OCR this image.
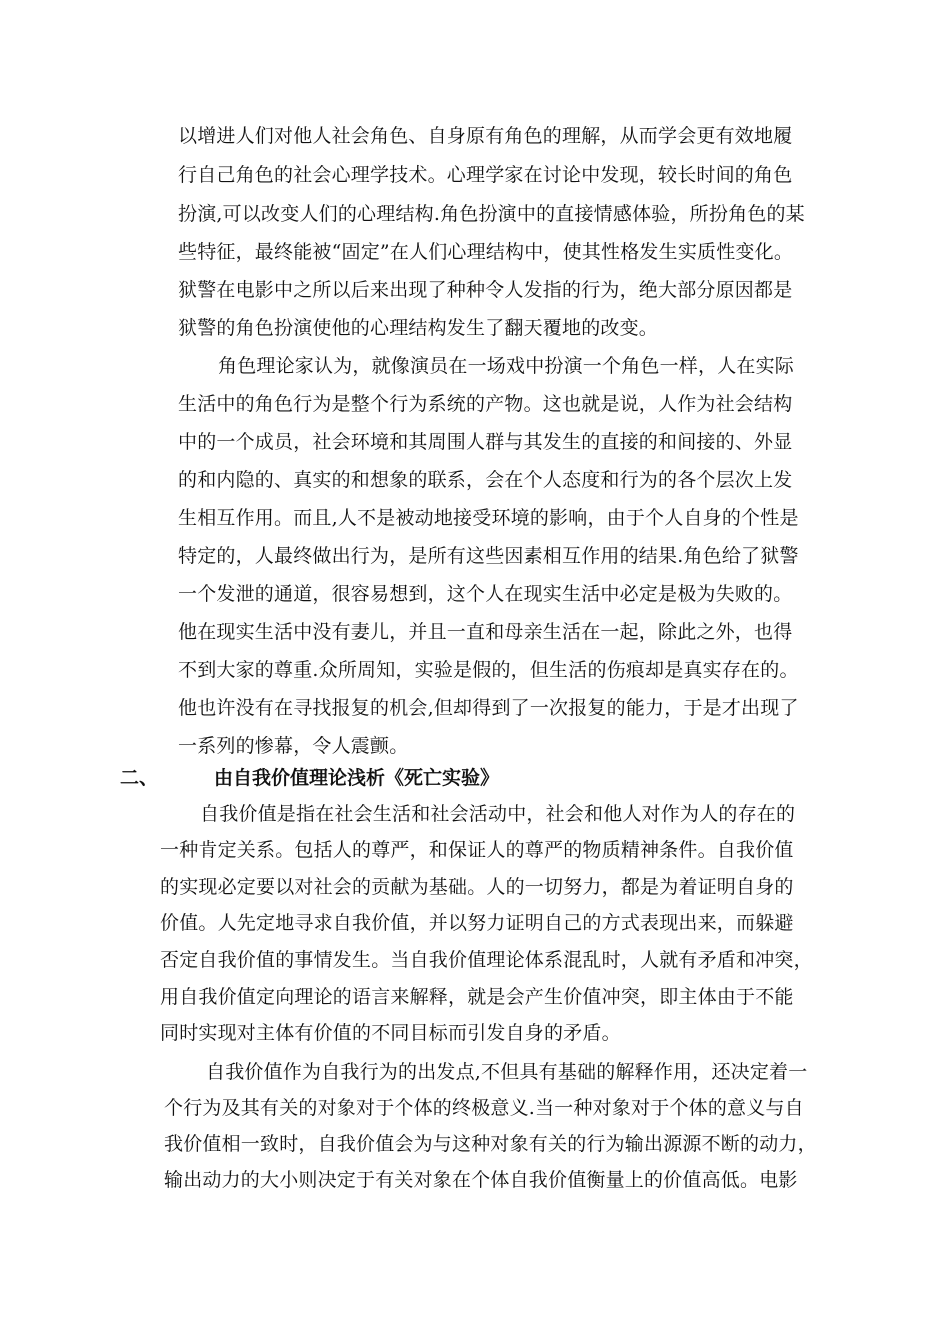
以增进人们对他人社会角色、自身原有角色的理解，从而学会更有效地履
行自己角色的社会心理学技术。心理学家在讨论中发现，较长时间的角色
扮演,可以改变人们的心理结构.角色扮演中的直接情感体验，所扮角色的某
些特征，最终能被“固定”在人们心理结构中，使其性格发生实质性变化。
狱警在电影中之所以后来出现了种种令人发指的行为，绝大部分原因都是
狱警的角色扮演使他的心理结构发生了翻天覆地的改变。
角色理论家认为，就像演员在一场戏中扮演一个角色一样，人在实际
生活中的角色行为是整个行为系统的产物。这也就是说，人作为社会结构
中的一个成员，社会环境和其周围人群与其发生的直接的和间接的、外显
的和内隐的、真实的和想象的联系，会在个人态度和行为的各个层次上发
生相互作用。而且,人不是被动地接受环境的影响，由于个人自身的个性是
特定的，人最终做出行为，是所有这些因素相互作用的结果.角色给了狱警
一个发泄的通道，很容易想到，这个人在现实生活中必定是极为失败的。
他在现实生活中没有妻儿，并且一直和母亲生活在一起，除此之外，也得
不到大家的尊重.众所周知，实验是假的，但生活的伤痕却是真实存在的。
他也许没有在寻找报复的机会,但却得到了一次报复的能力，于是才出现了
一系列的惨幕，令人震颤。
二、	由自我价值理论浅析《死亡实验》
自我价值是指在社会生活和社会活动中，社会和他人对作为人的存在的
一种肯定关系。包括人的尊严，和保证人的尊严的物质精神条件。自我价值
的实现必定要以对社会的贡献为基础。人的一切努力，都是为着证明自身的
价值。人先定地寻求自我价值，并以努力证明自己的方式表现出来，而躲避
否定自我价值的事情发生。当自我价值理论体系混乱时，人就有矛盾和冲突，
用自我价值定向理论的语言来解释，就是会产生价值冲突，即主体由于不能
同时实现对主体有价值的不同目标而引发自身的矛盾。
自我价值作为自我行为的出发点,不但具有基础的解释作用，还决定着一
个行为及其有关的对象对于个体的终极意义.当一种对象对于个体的意义与自
我价值相一致时，自我价值会为与这种对象有关的行为输出源源不断的动力，
输出动力的大小则决定于有关对象在个体自我价值衡量上的价值高低。电影
